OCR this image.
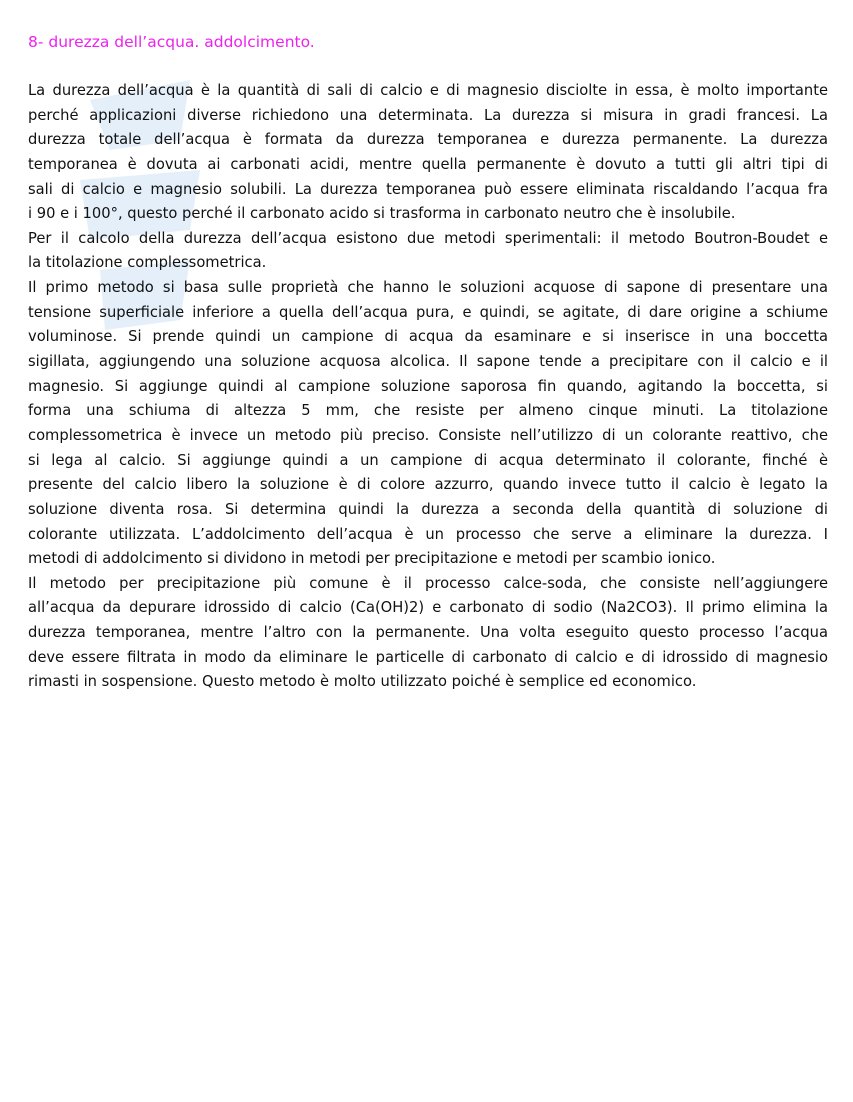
8- durezza dell’acqua. addolcimento.
La durezza dell’acqua è la quantità di sali di calcio e di magnesio disciolte in essa, è molto importante
perché applicazioni diverse richiedono una determinata. La durezza si misura in gradi francesi. La
durezza totale dell’acqua è formata da durezza temporanea e durezza permanente. La durezza
temporanea è dovuta ai carbonati acidi, mentre quella permanente è dovuto a tutti gli altri tipi di
sali di calcio e magnesio solubili. La durezza temporanea può essere eliminata riscaldando l’acqua fra
i 90 e i 100°, questo perché il carbonato acido si trasforma in carbonato neutro che è insolubile.
Per il calcolo della durezza dell’acqua esistono due metodi sperimentali: il metodo Boutron-Boudet e
la titolazione complessometrica.
Il primo metodo si basa sulle proprietà che hanno le soluzioni acquose di sapone di presentare una
tensione superficiale inferiore a quella dell’acqua pura, e quindi, se agitate, di dare origine a schiume
voluminose. Si prende quindi un campione di acqua da esaminare e si inserisce in una boccetta
sigillata, aggiungendo una soluzione acquosa alcolica. Il sapone tende a precipitare con il calcio e il
magnesio. Si aggiunge quindi al campione soluzione saporosa fin quando, agitando la boccetta, si
forma una schiuma di altezza 5 mm, che resiste per almeno cinque minuti. La titolazione
complessometrica è invece un metodo più preciso. Consiste nell’utilizzo di un colorante reattivo, che
si lega al calcio. Si aggiunge quindi a un campione di acqua determinato il colorante, finché è
presente del calcio libero la soluzione è di colore azzurro, quando invece tutto il calcio è legato la
soluzione diventa rosa. Si determina quindi la durezza a seconda della quantità di soluzione di
colorante utilizzata. L’addolcimento dell’acqua è un processo che serve a eliminare la durezza. I
metodi di addolcimento si dividono in metodi per precipitazione e metodi per scambio ionico.
Il metodo per precipitazione più comune è il processo calce-soda, che consiste nell’aggiungere
all’acqua da depurare idrossido di calcio (Ca(OH)2) e carbonato di sodio (Na2CO3). Il primo elimina la
durezza temporanea, mentre l’altro con la permanente. Una volta eseguito questo processo l’acqua
deve essere filtrata in modo da eliminare le particelle di carbonato di calcio e di idrossido di magnesio
rimasti in sospensione. Questo metodo è molto utilizzato poiché è semplice ed economico.
